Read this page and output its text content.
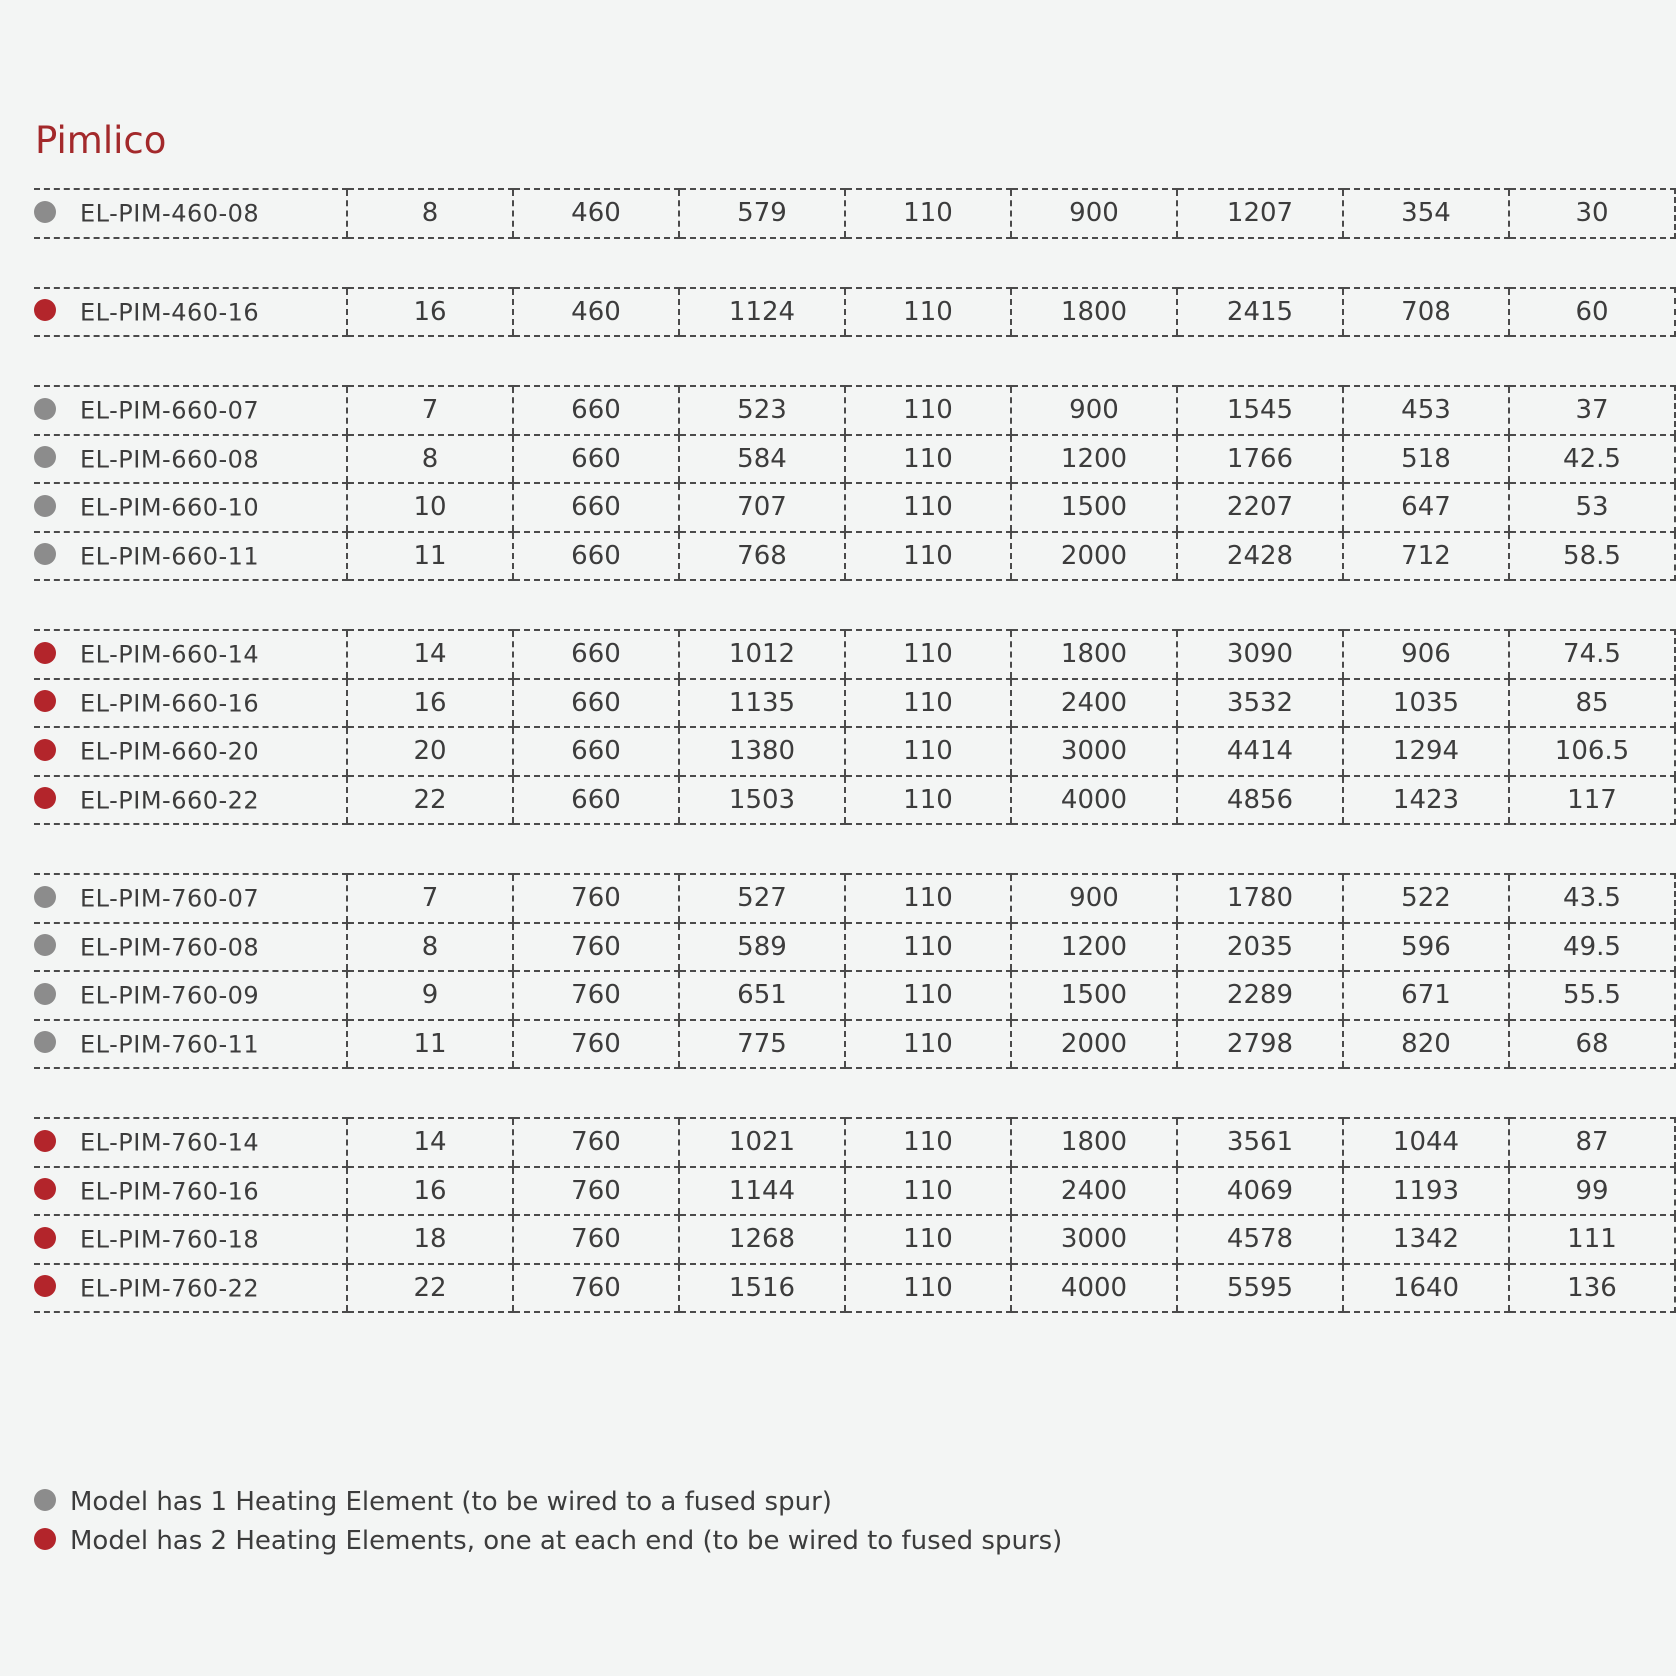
Pimlico
EL-PIM-460-08	8	460	579	110	900	1207	354	30
EL-PIM-460-16	16	460	1124	110	1800	2415	708	60
EL-PIM-660-07	7	660	523	110	900	1545	453	37
EL-PIM-660-08	8	660	584	110	1200	1766	518	42.5
EL-PIM-660-10	10	660	707	110	1500	2207	647	53
EL-PIM-660-11	11	660	768	110	2000	2428	712	58.5
EL-PIM-660-14	14	660	1012	110	1800	3090	906	74.5
EL-PIM-660-16	16	660	1135	110	2400	3532	1035	85
EL-PIM-660-20	20	660	1380	110	3000	4414	1294	106.5
EL-PIM-660-22	22	660	1503	110	4000	4856	1423	117
EL-PIM-760-07	7	760	527	110	900	1780	522	43.5
EL-PIM-760-08	8	760	589	110	1200	2035	596	49.5
EL-PIM-760-09	9	760	651	110	1500	2289	671	55.5
EL-PIM-760-11	11	760	775	110	2000	2798	820	68
EL-PIM-760-14	14	760	1021	110	1800	3561	1044	87
EL-PIM-760-16	16	760	1144	110	2400	4069	1193	99
EL-PIM-760-18	18	760	1268	110	3000	4578	1342	111
EL-PIM-760-22	22	760	1516	110	4000	5595	1640	136
Model has 1 Heating Element (to be wired to a fused spur)
Model has 2 Heating Elements, one at each end (to be wired to fused spurs)
